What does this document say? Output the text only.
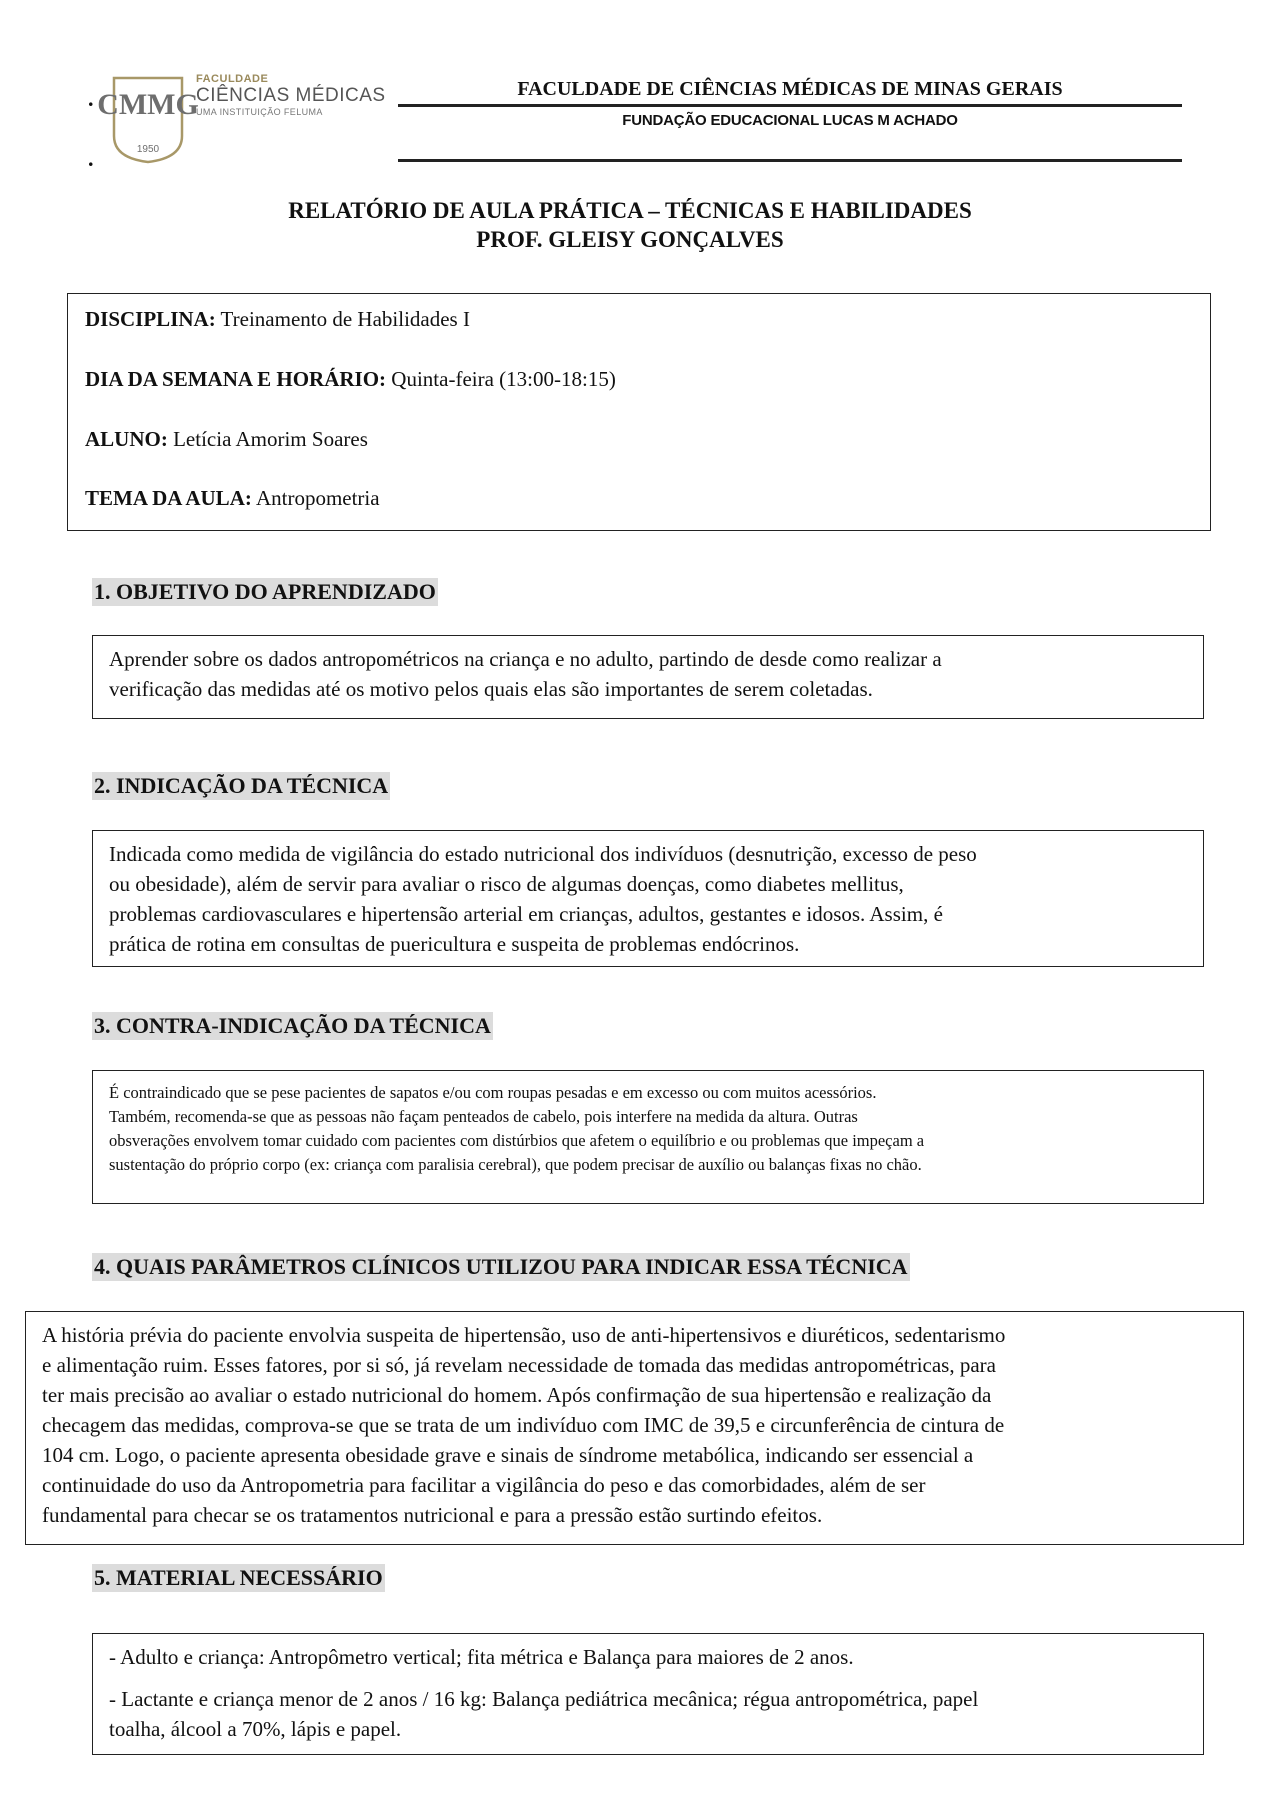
.
.
CMMG
1950
FACULDADE
CIÊNCIAS MÉDICAS
UMA INSTITUIÇÃO FELUMA
FACULDADE DE CIÊNCIAS MÉDICAS DE MINAS GERAIS
FUNDAÇÃO EDUCACIONAL LUCAS M ACHADO
RELATÓRIO DE AULA PRÁTICA – TÉCNICAS E HABILIDADES
PROF. GLEISY GONÇALVES
DISCIPLINA: Treinamento de Habilidades I
DIA DA SEMANA E HORÁRIO: Quinta-feira (13:00-18:15)
ALUNO: Letícia Amorim Soares
TEMA DA AULA: Antropometria
1. OBJETIVO DO APRENDIZADO
Aprender sobre os dados antropométricos na criança e no adulto, partindo de desde como realizar a
verificação das medidas até os motivo pelos quais elas são importantes de serem coletadas.
2. INDICAÇÃO DA TÉCNICA
Indicada como medida de vigilância do estado nutricional dos indivíduos (desnutrição, excesso de peso
ou obesidade), além de servir para avaliar o risco de algumas doenças, como diabetes mellitus,
problemas cardiovasculares e hipertensão arterial em crianças, adultos, gestantes e idosos. Assim, é
prática de rotina em consultas de puericultura e suspeita de problemas endócrinos.
3. CONTRA-INDICAÇÃO DA TÉCNICA
É contraindicado que se pese pacientes de sapatos e/ou com roupas pesadas e em excesso ou com muitos acessórios.
Também, recomenda-se que as pessoas não façam penteados de cabelo, pois interfere na medida da altura. Outras
obsverações envolvem tomar cuidado com pacientes com distúrbios que afetem o equilíbrio e ou problemas que impeçam a
sustentação do próprio corpo (ex: criança com paralisia cerebral), que podem precisar de auxílio ou balanças fixas no chão.
4. QUAIS PARÂMETROS CLÍNICOS UTILIZOU PARA INDICAR ESSA TÉCNICA
A história prévia do paciente envolvia suspeita de hipertensão, uso de anti-hipertensivos e diuréticos, sedentarismo
e alimentação ruim. Esses fatores, por si só, já revelam necessidade de tomada das medidas antropométricas, para
ter mais precisão ao avaliar o estado nutricional do homem. Após confirmação de sua hipertensão e realização da
checagem das medidas, comprova-se que se trata de um indivíduo com IMC de 39,5 e circunferência de cintura de
104 cm. Logo, o paciente apresenta obesidade grave e sinais de síndrome metabólica, indicando ser essencial a
continuidade do uso da Antropometria para facilitar a vigilância do peso e das comorbidades, além de ser
fundamental para checar se os tratamentos nutricional e para a pressão estão surtindo efeitos.
5. MATERIAL NECESSÁRIO
- Adulto e criança: Antropômetro vertical; fita métrica e Balança para maiores de 2 anos.
- Lactante e criança menor de 2 anos / 16 kg: Balança pediátrica mecânica; régua antropométrica, papel
toalha, álcool a 70%, lápis e papel.
